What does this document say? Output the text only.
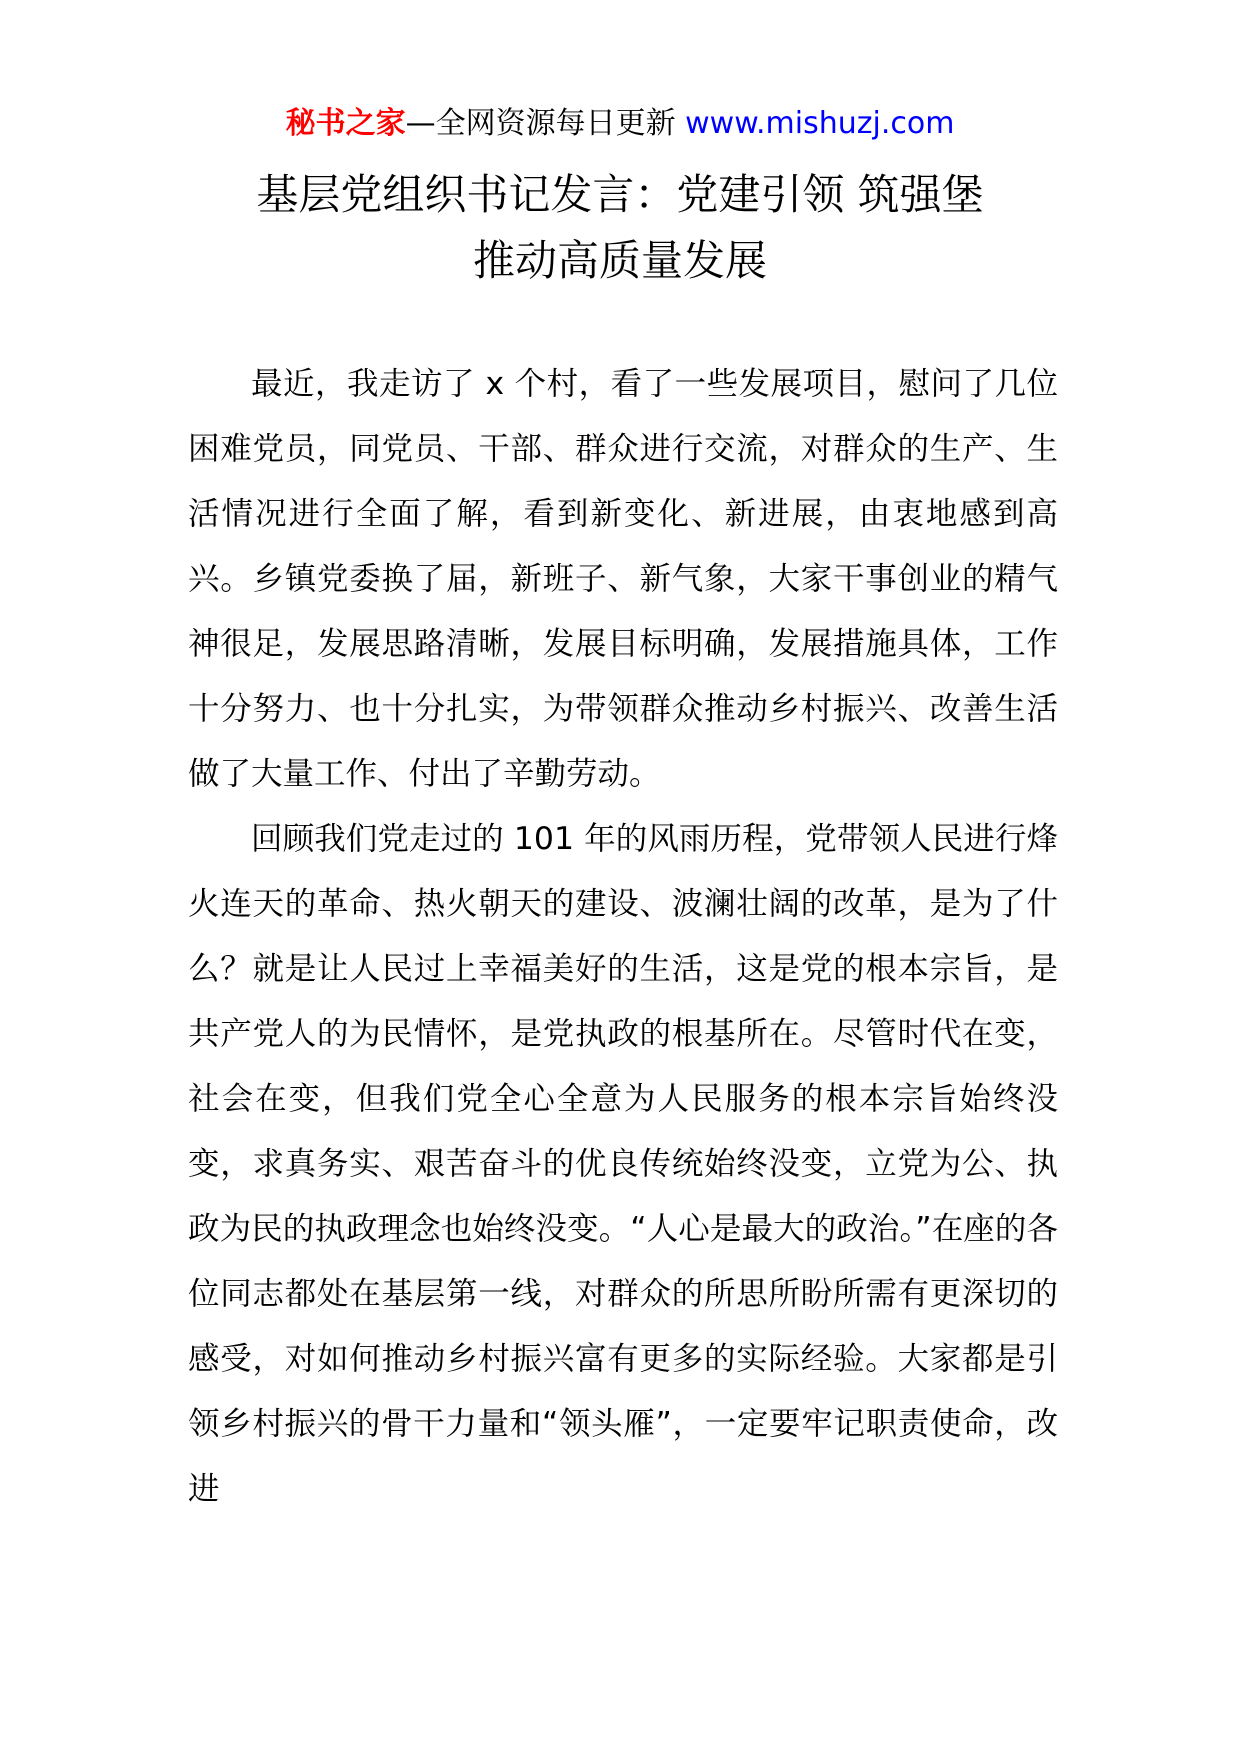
秘书之家—全网资源每日更新 www.mishuzj.com
基层党组织书记发言：党建引领 筑强堡
推动高质量发展

最近，我走访了 x 个村，看了一些发展项目，慰问了几位困难党员，同党员、干部、群众进行交流，对群众的生产、生活情况进行全面了解，看到新变化、新进展，由衷地感到高兴。乡镇党委换了届，新班子、新气象，大家干事创业的精气神很足，发展思路清晰，发展目标明确，发展措施具体，工作十分努力、也十分扎实，为带领群众推动乡村振兴、改善生活做了大量工作、付出了辛勤劳动。

回顾我们党走过的 101 年的风雨历程，党带领人民进行烽火连天的革命、热火朝天的建设、波澜壮阔的改革，是为了什么？就是让人民过上幸福美好的生活，这是党的根本宗旨，是共产党人的为民情怀，是党执政的根基所在。尽管时代在变，社会在变，但我们党全心全意为人民服务的根本宗旨始终没变，求真务实、艰苦奋斗的优良传统始终没变，立党为公、执政为民的执政理念也始终没变。“人心是最大的政治。”在座的各位同志都处在基层第一线，对群众的所思所盼所需有更深切的感受，对如何推动乡村振兴富有更多的实际经验。大家都是引领乡村振兴的骨干力量和“领头雁”，一定要牢记职责使命，改进
